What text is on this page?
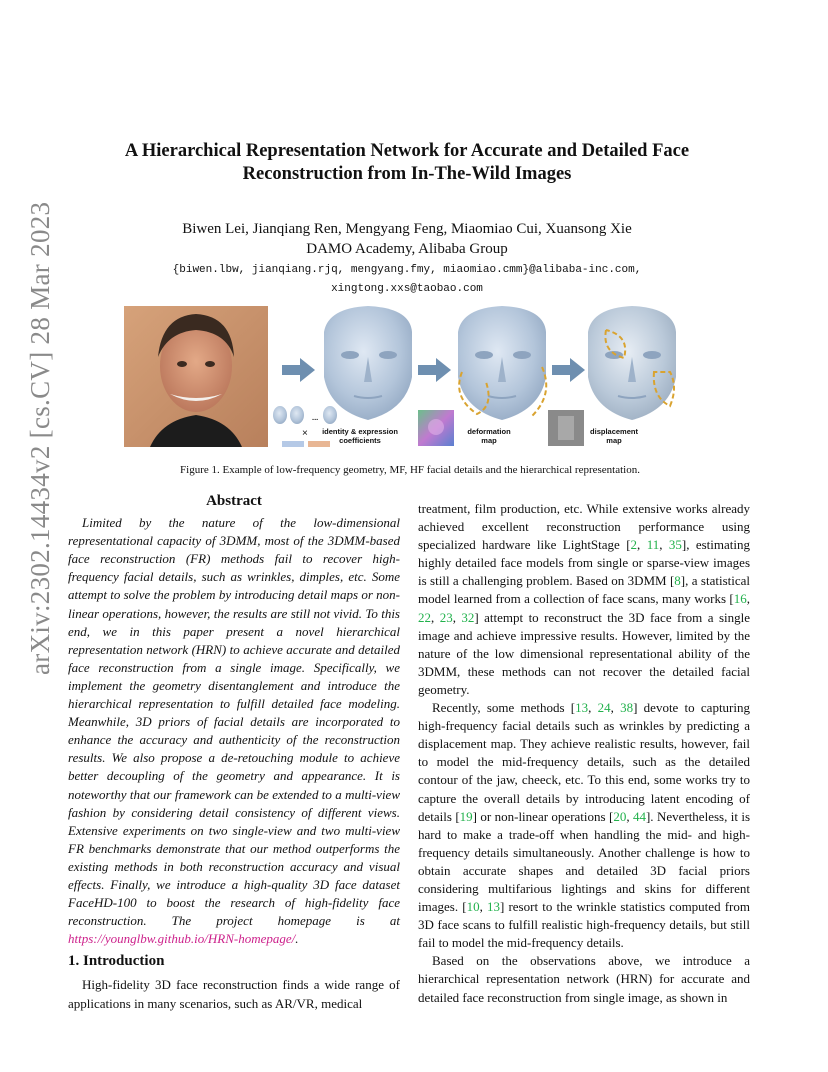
arXiv:2302.14434v2 [cs.CV] 28 Mar 2023
A Hierarchical Representation Network for Accurate and Detailed Face
Reconstruction from In-The-Wild Images
Biwen Lei, Jianqiang Ren, Mengyang Feng, Miaomiao Cui, Xuansong Xie
DAMO Academy, Alibaba Group
{biwen.lbw, jianqiang.rjq, mengyang.fmy, miaomiao.cmm}@alibaba-inc.com,
xingtong.xxs@taobao.com
...
× identity & expression
coefficients
deformation
map
displacement
map
Figure 1. Example of low-frequency geometry, MF, HF facial details and the hierarchical representation.
Abstract

Limited by the nature of the low-dimensional representational capacity of 3DMM, most of the 3DMM-based face reconstruction (FR) methods fail to recover high-frequency facial details, such as wrinkles, dimples, etc. Some attempt to solve the problem by introducing detail maps or non-linear operations, however, the results are still not vivid. To this end, we in this paper present a novel hierarchical representation network (HRN) to achieve accurate and detailed face reconstruction from a single image. Specifically, we implement the geometry disentanglement and introduce the hierarchical representation to fulfill detailed face modeling. Meanwhile, 3D priors of facial details are incorporated to enhance the accuracy and authenticity of the reconstruction results. We also propose a de-retouching module to achieve better decoupling of the geometry and appearance. It is noteworthy that our framework can be extended to a multi-view fashion by considering detail consistency of different views. Extensive experiments on two single-view and two multi-view FR benchmarks demonstrate that our method outperforms the existing methods in both reconstruction accuracy and visual effects. Finally, we introduce a high-quality 3D face dataset FaceHD-100 to boost the research of high-fidelity face reconstruction. The project homepage is at https://younglbw.github.io/HRN-homepage/.

1. Introduction

High-fidelity 3D face reconstruction finds a wide range of applications in many scenarios, such as AR/VR, medical

treatment, film production, etc. While extensive works already achieved excellent reconstruction performance using specialized hardware like LightStage [2, 11, 35], estimating highly detailed face models from single or sparse-view images is still a challenging problem. Based on 3DMM [8], a statistical model learned from a collection of face scans, many works [16, 22, 23, 32] attempt to reconstruct the 3D face from a single image and achieve impressive results. However, limited by the nature of the low dimensional representational ability of the 3DMM, these methods can not recover the detailed facial geometry.

Recently, some methods [13, 24, 38] devote to capturing high-frequency facial details such as wrinkles by predicting a displacement map. They achieve realistic results, however, fail to model the mid-frequency details, such as the detailed contour of the jaw, cheeck, etc. To this end, some works try to capture the overall details by introducing latent encoding of details [19] or non-linear operations [20, 44]. Nevertheless, it is hard to make a trade-off when handling the mid- and high-frequency details simultaneously. Another challenge is how to obtain accurate shapes and detailed 3D facial priors considering multifarious lightings and skins for different images. [10, 13] resort to the wrinkle statistics computed from 3D face scans to fulfill realistic high-frequency details, but still fail to model the mid-frequency details.

Based on the observations above, we introduce a hierarchical representation network (HRN) for accurate and detailed face reconstruction from single image, as shown in
